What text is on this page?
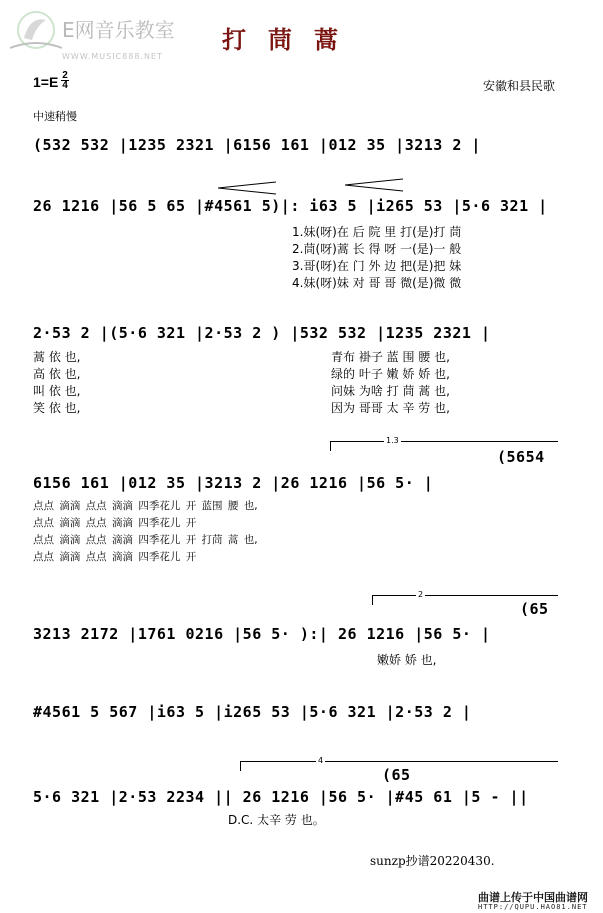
E网音乐教室
WWW.MUSIC888.NET
打茼蒿
1=E 2
4	安徽和县民歌
中速稍慢
(532 532 |1235 2321 |6156 161 |012 35 |3213 2 |
26 1216 |56 5 65 |#4561 5)|: i63 5 |i265 53 |5·6 321 |
1.妹(呀)在 后 院 里 打(是)打 茼
2.茼(呀)蒿 长 得 呀 一(是)一 般
3.哥(呀)在 门 外 边 把(是)把 妹
4.妹(呀)妹 对 哥 哥 微(是)微 微
2·53 2 |(5·6 321 |2·53 2 ) |532 532 |1235 2321 |
蒿 依 也,
高 依 也,
叫 依 也,
笑 依 也,
青布 褂子 蓝 围 腰 也,
绿的 叶子 嫩 娇 娇 也,
问妹 为啥 打 茼 蒿 也,
因为 哥哥 太 辛 劳 也,
1.3
(5654
6156 161 |012 35 |3213 2 |26 1216 |56 5· |
点点 滴滴 点点 滴滴 四季花儿 开 蓝围 腰 也,
点点 滴滴 点点 滴滴 四季花儿 开
点点 滴滴 点点 滴滴 四季花儿 开 打茼 蒿 也,
点点 滴滴 点点 滴滴 四季花儿 开
2
(65
3213 2172 |1761 0216 |56 5· ):| 26 1216 |56 5· |
嫩娇 娇 也,
#4561 5 567 |i63 5 |i265 53 |5·6 321 |2·53 2 |
4
(65
5·6 321 |2·53 2234 || 26 1216 |56 5· |#45 61 |5 - ||
D.C. 太辛 劳 也。
sunzp抄谱20220430.
曲谱上传于中国曲谱网
HTTP://QUPU.HAO81.NET
